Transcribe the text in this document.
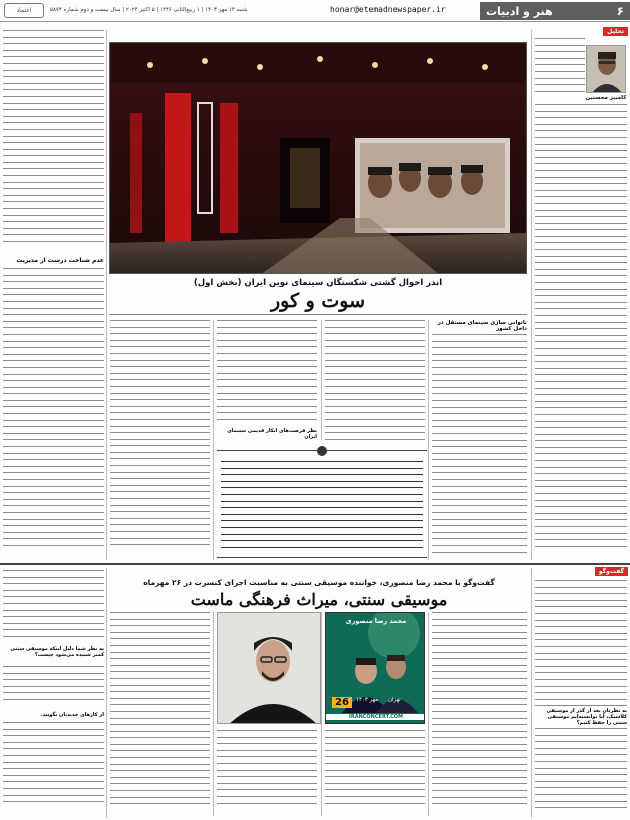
اعتماد	شنبه ۱۴ مهر ۱۴۰۳ | ۱ ربیع‌الثانی ۱۴۴۶ | ۵ اکتبر ۲۰۲۴ | سال بیست و دوم شماره ۵۸۷۴	honar@etemadnewspaper.ir	هنر و ادبیات	۶
تحلیل
کامبیز محسنین
اندر احوال گشتی شکستگان سینمای نوین ایران (بخش اول)
سوت و کور
عدم شناخت درست از مدیریت
ناتوانی سازی سینمای مستقل در داخل کشور
نظر فرصت‌های انکار قدیمی سینمای ایران
گفت‌وگو
گفت‌وگو با محمد رضا منصوری، خواننده موسیقی سنتی به مناسبت اجرای کنسرت در ۲۶ مهرماه
موسیقی سنتی، میراث فرهنگی ماست
به نظرتان بعد از گذر از موسیقی کلاسیک، آیا توانسته‌ایم موسیقی سنتی را حفظ کنیم؟
به نظر شما دلیل اینکه موسیقی سنتی کمتر شنیده می‌شود چیست؟
از کارهای جدیدتان بگویید.
محمد رضا منصوری
26	مهر ۱۴۰۳ تهران
IRANCONCERT.COM
